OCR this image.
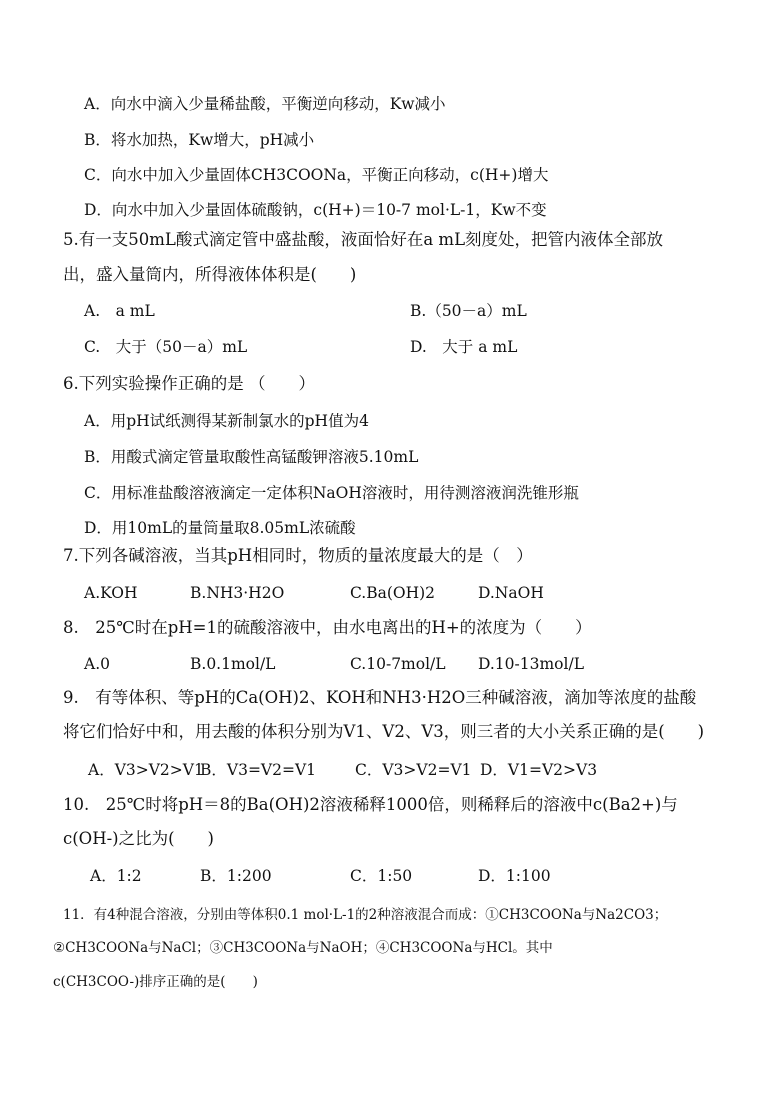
A．向水中滴入少量稀盐酸，平衡逆向移动，Kw减小
B．将水加热，Kw增大，pH减小
C．向水中加入少量固体CH3COONa，平衡正向移动，c(H+)增大
D．向水中加入少量固体硫酸钠，c(H+)＝10-7 mol·L-1，Kw不变
5.有一支50mL酸式滴定管中盛盐酸，液面恰好在a mL刻度处，把管内液体全部放
出，盛入量筒内，所得液体体积是(　　)
A.　a mL	B.（50－a）mL
C.　大于（50－a）mL	D.　大于 a mL
6.下列实验操作正确的是 （　　）
A．用pH试纸测得某新制氯水的pH值为4
B．用酸式滴定管量取酸性高锰酸钾溶液5.10mL
C．用标准盐酸溶液滴定一定体积NaOH溶液时，用待测溶液润洗锥形瓶
D．用10mL的量筒量取8.05mL浓硫酸
7.下列各碱溶液，当其pH相同时，物质的量浓度最大的是（　）
A.KOH	B.NH3·H2O	C.Ba(OH)2	D.NaOH
8.　25℃时在pH=1的硫酸溶液中，由水电离出的H+的浓度为（　　）
A.0	B.0.1mol/L	C.10-7mol/L D.10-13mol/L
9.　有等体积、等pH的Ca(OH)2、KOH和NH3·H2O三种碱溶液，滴加等浓度的盐酸
将它们恰好中和，用去酸的体积分别为V1、V2、V3，则三者的大小关系正确的是(　　)
A．V3>V2>V1
B．V3=V2=V1	C．V3>V2=V1 D．V1=V2>V3
10.　25℃时将pH＝8的Ba(OH)2溶液稀释1000倍，则稀释后的溶液中c(Ba2+)与
c(OH-)之比为(　　)
A．1:2	B．1:200	C．1:50	D．1:100
11．有4种混合溶液，分别由等体积0.1 mol·L-1的2种溶液混合而成：①CH3COONa与Na2CO3；
②CH3COONa与NaCl；③CH3COONa与NaOH；④CH3COONa与HCl。其中
c(CH3COO-)排序正确的是(　　)
